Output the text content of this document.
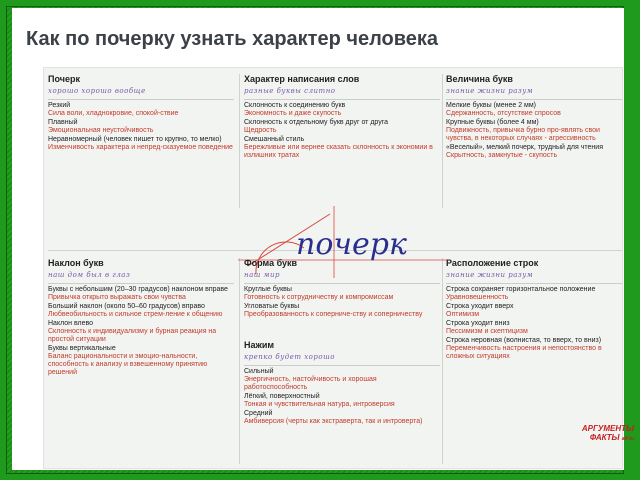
Как по почерку узнать характер человека
почерк
Почерк
хорошо хорошо вообще
Резкий
Сила воли, хладнокровие, спокой-ствие
Плавный
Эмоциональная неустойчивость
Неравномерный (человек пишет то крупно, то мелко)
Изменчивость характера и непред-сказуемое поведение
Характер написания слов
разные буквы слитно
Склонность к соединению букв
Экономность и даже скупость
Склонность к отдельному букв друг от друга
Щедрость
Смешанный стиль
Бережливые или вернее сказать склонность к экономии в излишних тратах
Величина букв
знание жизни разум
Мелкие буквы (менее 2 мм)
Сдержанность, отсутствие спросов
Крупные буквы (более 4 мм)
Подвижность, привычка бурно про-являть свои чувства, в некоторых случаях - агрессивность
«Веселый», мелкий почерк, трудный для чтения
Скрытность, замкнутые - скупость
Наклон букв
наш дом был в глаз
Буквы с небольшим (20–30 градусов) наклоном вправе
Привычка открыто выражать свои чувства
Больший наклон (около 50–60 градусов) вправо
Любвеобильность и сильное стрем-ление к общению
Наклон влево
Склонность к индивидуализму и бурная реакция на простой ситуации
Буквы вертикальные
Баланс рациональности и эмоцио-нальности, способность к анализу и взвешенному принятию решений
Форма букв
наш мир
Круглые буквы
Готовность к сотрудничеству и компромиссам
Угловатые буквы
Преобразованность к соперниче-ству и соперничеству
Нажим
крепко будет хорошо
Сильный
Энергичность, настойчивость и хорошая работоспособность
Лёгкий, поверхностный
Тонкая и чувствительная натура, интроверсия
Средний
Амбиверсия (черты как экстраверта, так и интроверта)
Расположение строк
знание жизни разум
Строка сохраняет горизонтальное положение
Уравновешенность
Строка уходит вверх
Оптимизм
Строка уходит вниз
Пессимизм и скептицизм
Строка неровная (волнистая, то вверх, то вниз)
Переменчивость настроения и непостоянство в сложных ситуациях
АРГУМЕНТЫ
ФАКТЫ aif.ru
